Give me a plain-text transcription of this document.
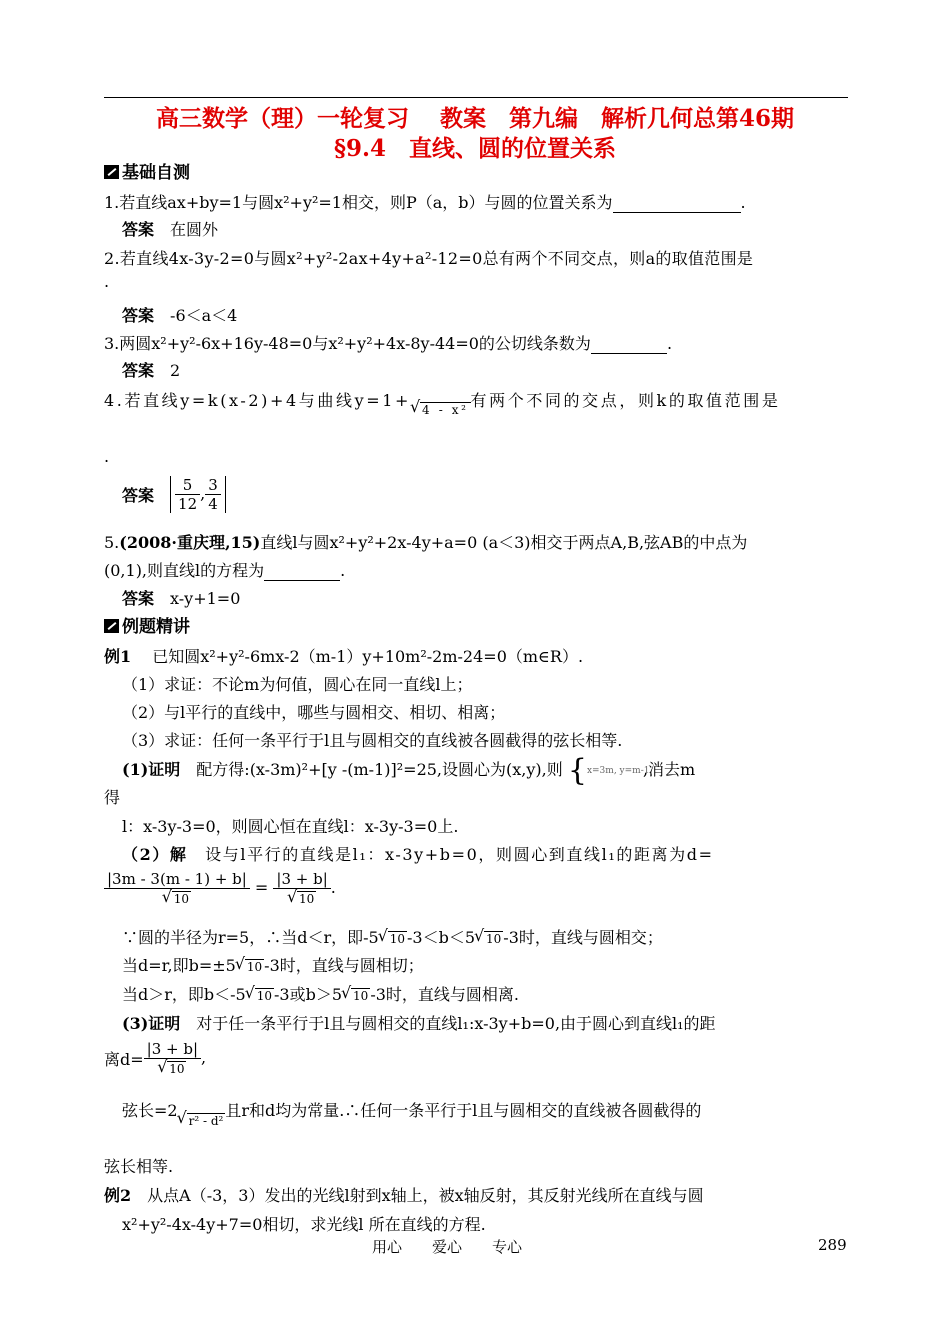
高三数学（理）一轮复习　 教案　第九编　解析几何总第46期
§9.4　直线、圆的位置关系
基础自测
1.若直线ax+by=1与圆x²+y²=1相交，则P（a，b）与圆的位置关系为	.
答案　 在圆外
2.若直线4x-3y-2=0与圆x²+y²-2ax+4y+a²-12=0总有两个不同交点，则a的取值范围是
.
答案　 -6＜a＜4
3.两圆x²+y²-6x+16y-48=0与x²+y²+4x-8y-44=0的公切线条数为	.
答案　 2
4.若直线y=k(x-2)+4与曲线y=1+ √ 4 - x² 有两个不同的交点，则k的取值范围是
.
答案　 $\frac{5}{12}$ , $\frac{3}{4}$
5.(2008·重庆理,15)直线l与圆x²+y²+2x-4y+a=0 (a＜3)相交于两点A,B,弦AB的中点为
(0,1),则直线l的方程为	.
答案　 x-y+1=0
例题精讲
例1　 已知圆x²+y²-6mx-2（m-1）y+10m²-2m-24=0（m∈R）.
（1）求证：不论m为何值，圆心在同一直线l上；
（2）与l平行的直线中，哪些与圆相交、相切、相离；
（3）求证：任何一条平行于l且与圆相交的直线被各圆截得的弦长相等.
(1)证明　 配方得:(x-3m)²+[y -(m-1)]²=25,设圆心为(x,y),则 {x=3m, y=m-1,消去m
得
l：x-3y-3=0，则圆心恒在直线l：x-3y-3=0上.
（2）解　 设与l平行的直线是l₁：x-3y+b=0，则圆心到直线l₁的距离为d=
|3m - 3(m - 1) + b|
√ 10 = |3 + b|
√ 10 .
∵圆的半径为r=5，∴当d＜r，即-5 √ 10 -3＜b＜5 √ 10 -3时，直线与圆相交；
当d=r,即b=±5 √ 10 -3时，直线与圆相切；
当d＞r，即b＜-5 √ 10 -3或b＞5 √ 10 -3时，直线与圆相离.
(3)证明　 对于任一条平行于l且与圆相交的直线l₁:x-3y+b=0,由于圆心到直线l₁的距
离d= |3 + b|
√ 10 ,
弦长=2√ r² - d²且r和d均为常量.∴任何一条平行于l且与圆相交的直线被各圆截得的
弦长相等.
例2　 从点A（-3，3）发出的光线l射到x轴上，被x轴反射，其反射光线所在直线与圆
x²+y²-4x-4y+7=0相切，求光线l 所在直线的方程.
用心　　爱心　　专心	289
